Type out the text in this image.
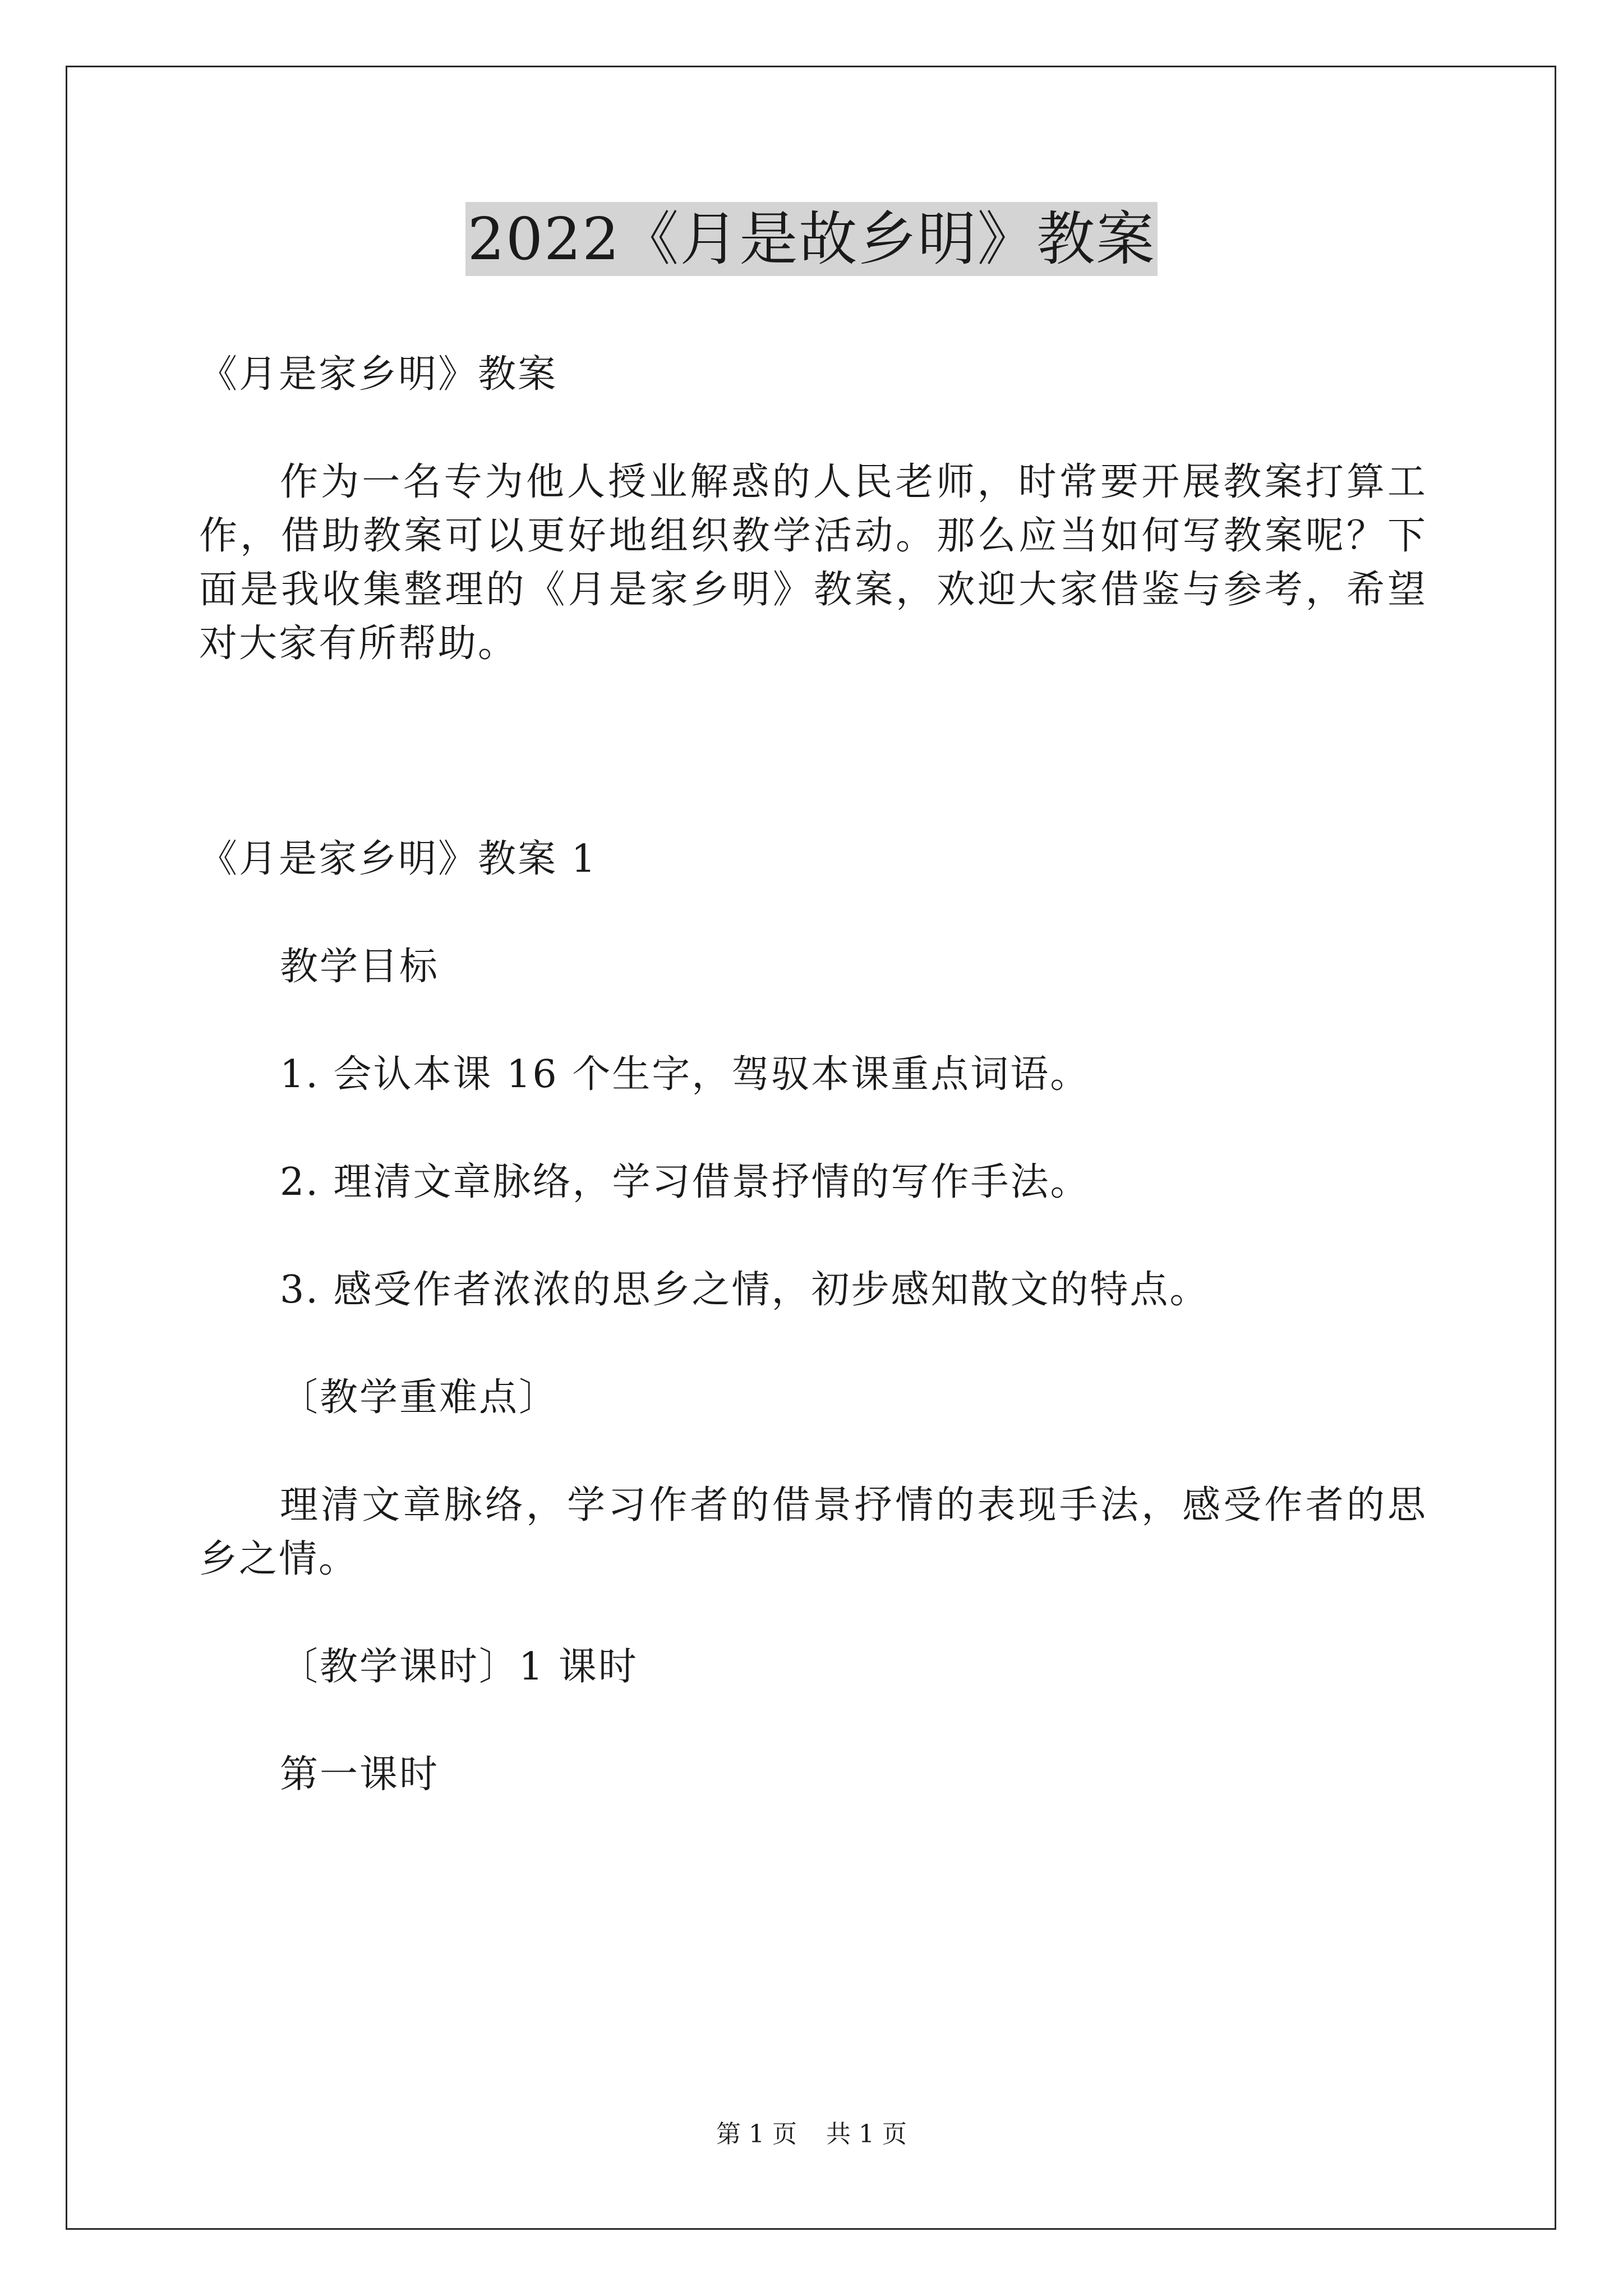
2022《月是故乡明》教案

《月是家乡明》教案

作为一名专为他人授业解惑的人民老师，时常要开展教案打算工作，借助教案可以更好地组织教学活动。那么应当如何写教案呢？下面是我收集整理的《月是家乡明》教案，欢迎大家借鉴与参考，希望对大家有所帮助。

《月是家乡明》教案 1

教学目标

1. 会认本课 16 个生字，驾驭本课重点词语。

2. 理清文章脉络，学习借景抒情的写作手法。

3. 感受作者浓浓的思乡之情，初步感知散文的特点。

〔教学重难点〕

理清文章脉络，学习作者的借景抒情的表现手法，感受作者的思乡之情。

〔教学课时〕1 课时

第一课时

第 1 页 共 1 页
